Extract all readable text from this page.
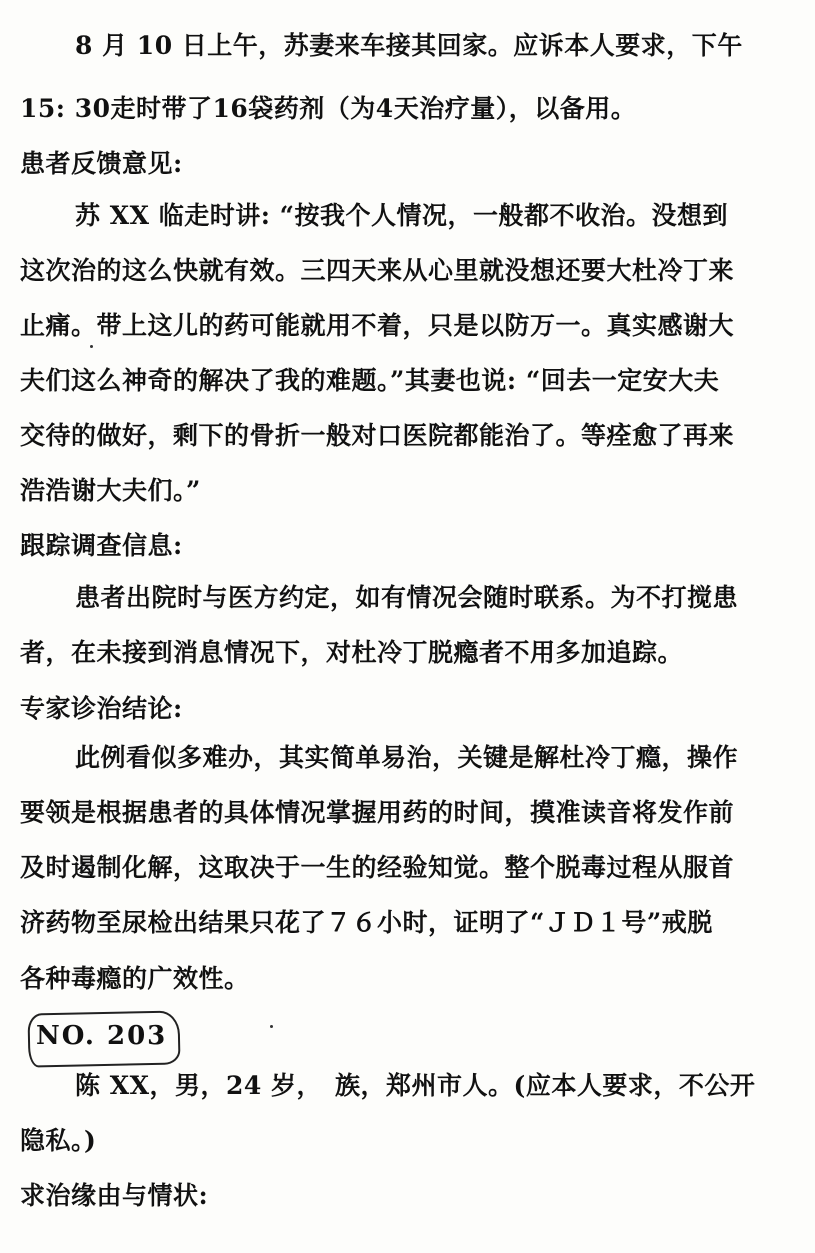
8 月 10 日上午，苏妻来车接其回家。应诉本人要求，下午
15: 30走时带了16袋药剂（为4天治疗量），以备用。
患者反馈意见:
苏 XX 临走时讲: “按我个人情况，一般都不收治。没想到
这次治的这么快就有效。三四天来从心里就没想还要大杜冷丁来
止痛。带上这儿的药可能就用不着，只是以防万一。真实感谢大
夫们这么神奇的解决了我的难题。”其妻也说: “回去一定安大夫
交待的做好，剩下的骨折一般对口医院都能治了。等痊愈了再来
浩浩谢大夫们。”
跟踪调查信息:
患者出院时与医方约定，如有情况会随时联系。为不打搅患
者，在未接到消息情况下，对杜冷丁脱瘾者不用多加追踪。
专家诊治结论:
此例看似多难办，其实简单易治，关键是解杜冷丁瘾，操作
要领是根据患者的具体情况掌握用药的时间，摸准读音将发作前
及时遏制化解，这取决于一生的经验知觉。整个脱毒过程从服首
济药物至尿检出结果只花了７６小时，证明了“ＪＤ１号”戒脱
各种毒瘾的广效性。
NO. 203
陈 XX，男，24 岁，　族，郑州市人。(应本人要求，不公开
隐私。)
求治缘由与情状:
